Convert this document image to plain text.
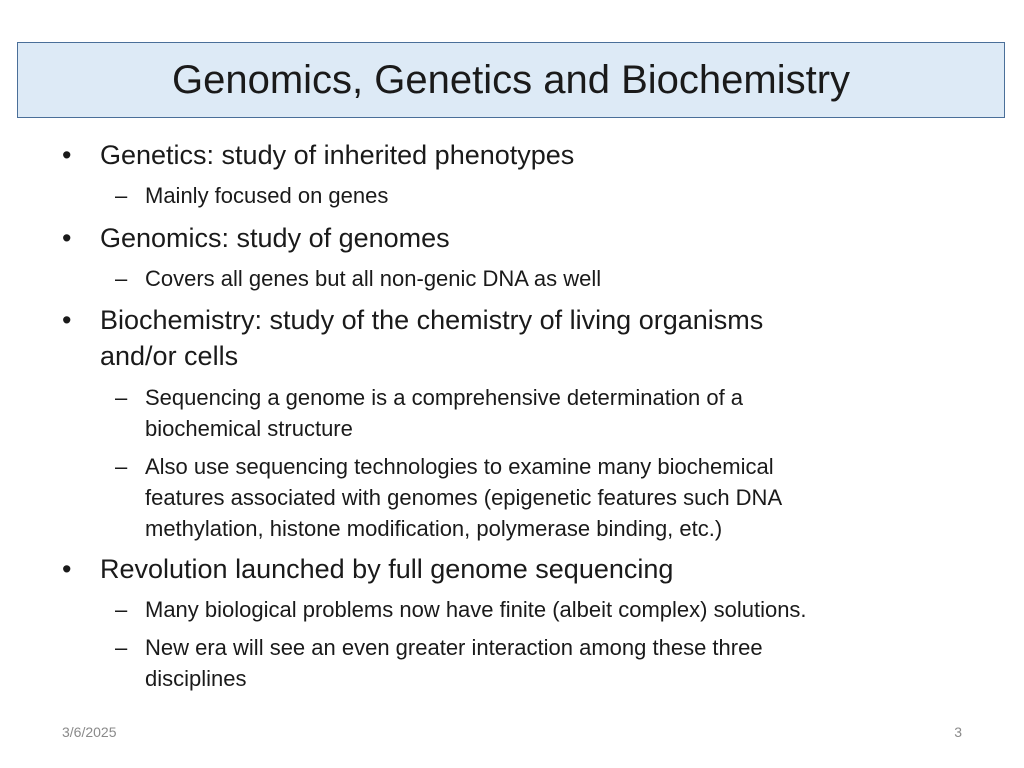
Genomics, Genetics and Biochemistry
• Genetics: study of inherited phenotypes
– Mainly focused on genes
• Genomics: study of genomes
– Covers all genes but all non-genic DNA as well
• Biochemistry: study of the chemistry of living organisms
and/or cells
– Sequencing a genome is a comprehensive determination of a
biochemical structure
– Also use sequencing technologies to examine many biochemical
features associated with genomes (epigenetic features such DNA
methylation, histone modification, polymerase binding, etc.)
• Revolution launched by full genome sequencing
– Many biological problems now have finite (albeit complex) solutions.
– New era will see an even greater interaction among these three
disciplines
3/6/2025	3
